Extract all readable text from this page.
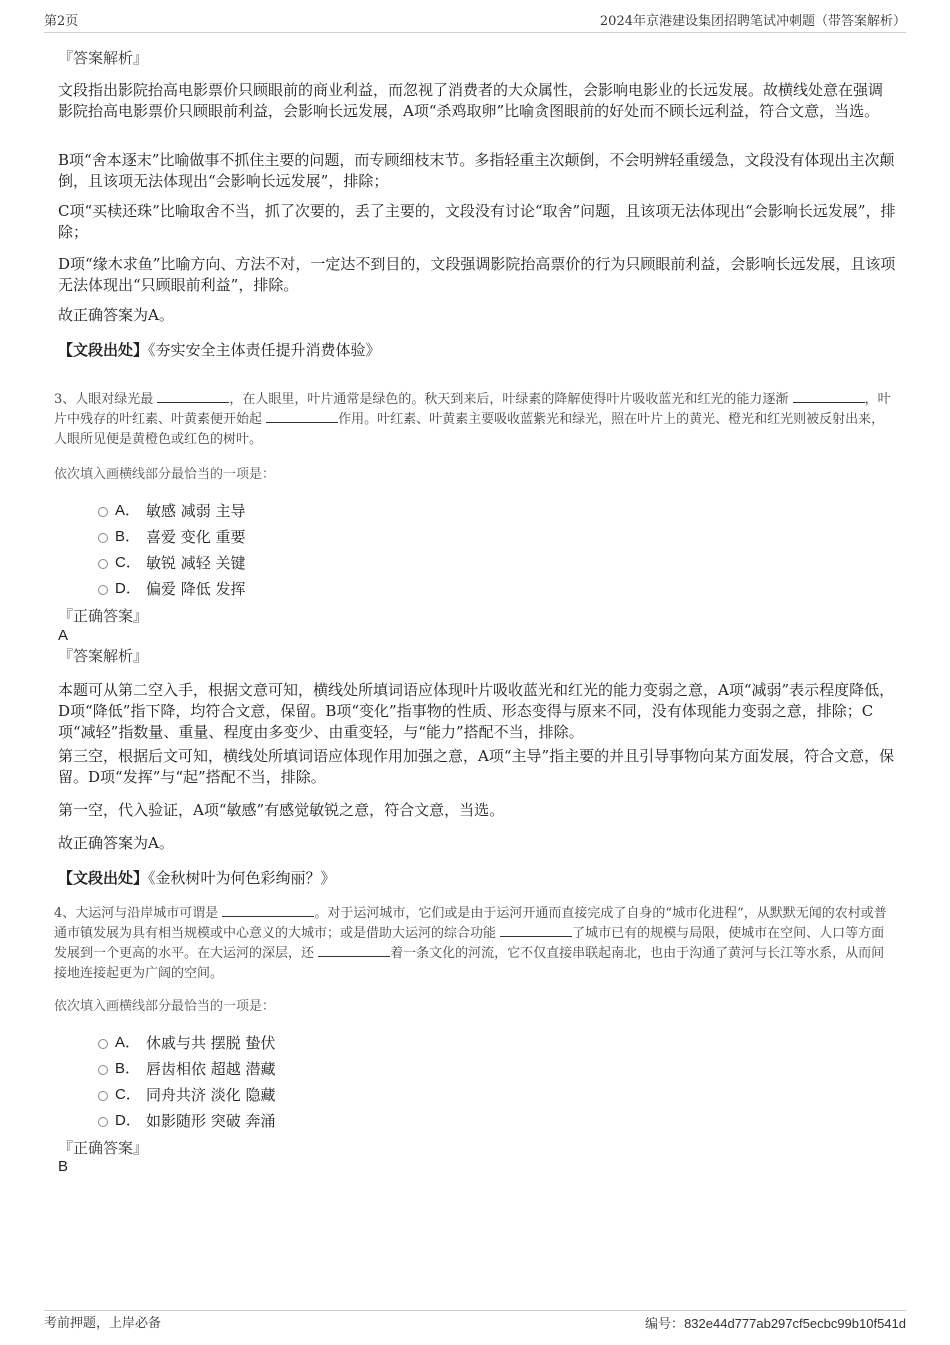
第2页	2024年京港建设集团招聘笔试冲刺题（带答案解析）
『答案解析』
文段指出影院抬高电影票价只顾眼前的商业利益，而忽视了消费者的大众属性，会影响电影业的长远发展。故横线处意在强调影院抬高电影票价只顾眼前利益，会影响长远发展，A项“杀鸡取卵”比喻贪图眼前的好处而不顾长远利益，符合文意，当选。
B项“舍本逐末”比喻做事不抓住主要的问题，而专顾细枝末节。多指轻重主次颠倒，不会明辨轻重缓急，文段没有体现出主次颠倒，且该项无法体现出“会影响长远发展”，排除；
C项“买椟还珠”比喻取舍不当，抓了次要的，丢了主要的，文段没有讨论“取舍”问题，且该项无法体现出“会影响长远发展”，排除；
D项“缘木求鱼”比喻方向、方法不对，一定达不到目的，文段强调影院抬高票价的行为只顾眼前利益，会影响长远发展，且该项无法体现出“只顾眼前利益”，排除。
故正确答案为A。
【文段出处】《夯实安全主体责任提升消费体验》
3、人眼对绿光最	，在人眼里，叶片通常是绿色的。秋天到来后，叶绿素的降解使得叶片吸收蓝光和红光的能力逐渐	，叶片中残存的叶红素、叶黄素便开始起	作用。叶红素、叶黄素主要吸收蓝紫光和绿光，照在叶片上的黄光、橙光和红光则被反射出来，人眼所见便是黄橙色或红色的树叶。
依次填入画横线部分最恰当的一项是：
A． 敏感 减弱 主导
B． 喜爱 变化 重要
C． 敏锐 减轻 关键
D． 偏爱 降低 发挥
『正确答案』
A
『答案解析』
本题可从第二空入手，根据文意可知，横线处所填词语应体现叶片吸收蓝光和红光的能力变弱之意，A项“减弱”表示程度降低，D项“降低”指下降，均符合文意，保留。B项“变化”指事物的性质、形态变得与原来不同，没有体现能力变弱之意，排除；C项“减轻”指数量、重量、程度由多变少、由重变轻，与“能力”搭配不当，排除。
第三空，根据后文可知，横线处所填词语应体现作用加强之意，A项“主导”指主要的并且引导事物向某方面发展，符合文意，保留。D项“发挥”与“起”搭配不当，排除。
第一空，代入验证，A项“敏感”有感觉敏锐之意，符合文意，当选。
故正确答案为A。
【文段出处】《金秋树叶为何色彩绚丽？》
4、大运河与沿岸城市可谓是	。对于运河城市，它们或是由于运河开通而直接完成了自身的“城市化进程”，从默默无闻的农村或普通市镇发展为具有相当规模或中心意义的大城市；或是借助大运河的综合功能	了城市已有的规模与局限，使城市在空间、人口等方面发展到一个更高的水平。在大运河的深层，还	着一条文化的河流，它不仅直接串联起南北，也由于沟通了黄河与长江等水系，从而间接地连接起更为广阔的空间。
依次填入画横线部分最恰当的一项是：
A． 休戚与共 摆脱 蛰伏
B． 唇齿相依 超越 潜藏
C． 同舟共济 淡化 隐藏
D． 如影随形 突破 奔涌
『正确答案』
B
考前押题，上岸必备	编号：832e44d777ab297cf5ecbc99b10f541d
